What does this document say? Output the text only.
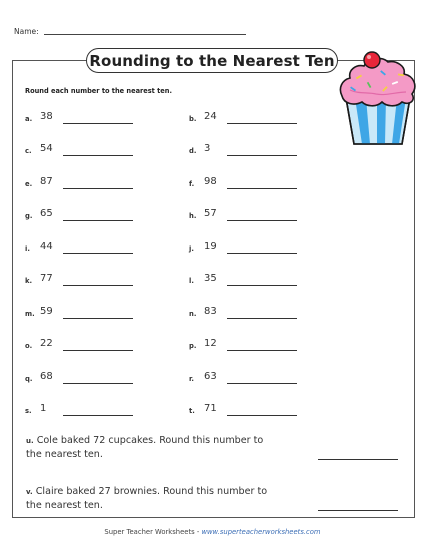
Name:
Rounding to the Nearest Ten
Round each number to the nearest ten.
a. 38
c. 54
e. 87
g. 65
i. 44
k. 77
m. 59
o. 22
q. 68
s. 1
b. 24
d. 3
f. 98
h. 57
j. 19
l. 35
n. 83
p. 12
r. 63
t. 71
u. Cole baked 72 cupcakes. Round this number to
the nearest ten.
v. Claire baked 27 brownies. Round this number to
the nearest ten.
Super Teacher Worksheets - www.superteacherworksheets.com
